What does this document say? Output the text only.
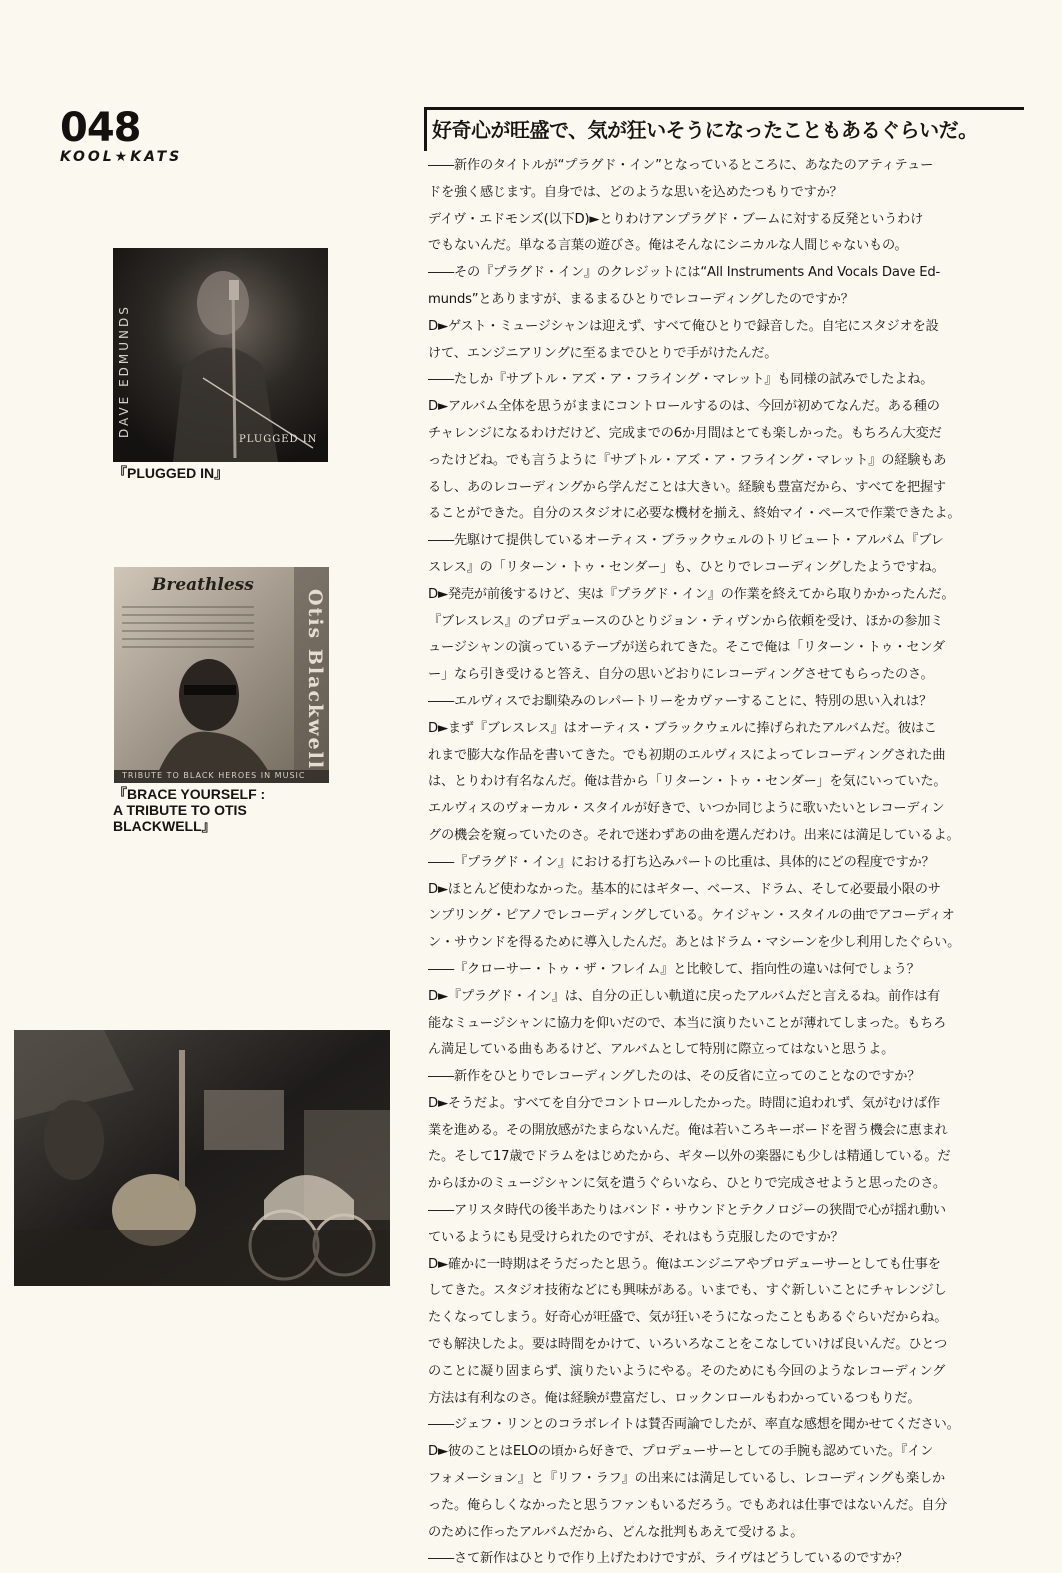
048
KOOL★KATS
DAVE EDMUNDS
PLUGGED IN
『PLUGGED IN』
Breathless
Otis Blackwell
TRIBUTE TO BLACK HEROES IN MUSIC
『BRACE YOURSELF :
A TRIBUTE TO OTIS
BLACKWELL』
好奇心が旺盛で、気が狂いそうになったこともあるぐらいだ。
――新作のタイトルが“プラグド・イン”となっているところに、あなたのアティテュー
ドを強く感じます。自身では、どのような思いを込めたつもりですか？
デイヴ・エドモンズ(以下D)►とりわけアンプラグド・ブームに対する反発というわけ
でもないんだ。単なる言葉の遊びさ。俺はそんなにシニカルな人間じゃないもの。
――その『プラグド・イン』のクレジットには“All Instruments And Vocals Dave Ed-
munds”とありますが、まるまるひとりでレコーディングしたのですか？
D►ゲスト・ミュージシャンは迎えず、すべて俺ひとりで録音した。自宅にスタジオを設
けて、エンジニアリングに至るまでひとりで手がけたんだ。
――たしか『サブトル・アズ・ア・フライング・マレット』も同様の試みでしたよね。
D►アルバム全体を思うがままにコントロールするのは、今回が初めてなんだ。ある種の
チャレンジになるわけだけど、完成までの6か月間はとても楽しかった。もちろん大変だ
ったけどね。でも言うように『サブトル・アズ・ア・フライング・マレット』の経験もあ
るし、あのレコーディングから学んだことは大きい。経験も豊富だから、すべてを把握す
ることができた。自分のスタジオに必要な機材を揃え、終始マイ・ペースで作業できたよ。
――先駆けて提供しているオーティス・ブラックウェルのトリビュート・アルバム『ブレ
スレス』の「リターン・トゥ・センダー」も、ひとりでレコーディングしたようですね。
D►発売が前後するけど、実は『プラグド・イン』の作業を終えてから取りかかったんだ。
『ブレスレス』のプロデュースのひとりジョン・ティヴンから依頼を受け、ほかの参加ミ
ュージシャンの演っているテープが送られてきた。そこで俺は「リターン・トゥ・センダ
ー」なら引き受けると答え、自分の思いどおりにレコーディングさせてもらったのさ。
――エルヴィスでお馴染みのレパートリーをカヴァーすることに、特別の思い入れは？
D►まず『ブレスレス』はオーティス・ブラックウェルに捧げられたアルバムだ。彼はこ
れまで膨大な作品を書いてきた。でも初期のエルヴィスによってレコーディングされた曲
は、とりわけ有名なんだ。俺は昔から「リターン・トゥ・センダー」を気にいっていた。
エルヴィスのヴォーカル・スタイルが好きで、いつか同じように歌いたいとレコーディン
グの機会を窺っていたのさ。それで迷わずあの曲を選んだわけ。出来には満足しているよ。
――『プラグド・イン』における打ち込みパートの比重は、具体的にどの程度ですか？
D►ほとんど使わなかった。基本的にはギター、ベース、ドラム、そして必要最小限のサ
ンプリング・ピアノでレコーディングしている。ケイジャン・スタイルの曲でアコーディオ
ン・サウンドを得るために導入したんだ。あとはドラム・マシーンを少し利用したぐらい。
――『クローサー・トゥ・ザ・フレイム』と比較して、指向性の違いは何でしょう？
D►『プラグド・イン』は、自分の正しい軌道に戻ったアルバムだと言えるね。前作は有
能なミュージシャンに協力を仰いだので、本当に演りたいことが薄れてしまった。もちろ
ん満足している曲もあるけど、アルバムとして特別に際立ってはないと思うよ。
――新作をひとりでレコーディングしたのは、その反省に立ってのことなのですか？
D►そうだよ。すべてを自分でコントロールしたかった。時間に追われず、気がむけば作
業を進める。その開放感がたまらないんだ。俺は若いころキーボードを習う機会に恵まれ
た。そして17歳でドラムをはじめたから、ギター以外の楽器にも少しは精通している。だ
からほかのミュージシャンに気を遣うぐらいなら、ひとりで完成させようと思ったのさ。
――アリスタ時代の後半あたりはバンド・サウンドとテクノロジーの狭間で心が揺れ動い
ているようにも見受けられたのですが、それはもう克服したのですか？
D►確かに一時期はそうだったと思う。俺はエンジニアやプロデューサーとしても仕事を
してきた。スタジオ技術などにも興味がある。いまでも、すぐ新しいことにチャレンジし
たくなってしまう。好奇心が旺盛で、気が狂いそうになったこともあるぐらいだからね。
でも解決したよ。要は時間をかけて、いろいろなことをこなしていけば良いんだ。ひとつ
のことに凝り固まらず、演りたいようにやる。そのためにも今回のようなレコーディング
方法は有利なのさ。俺は経験が豊富だし、ロックンロールもわかっているつもりだ。
――ジェフ・リンとのコラボレイトは賛否両論でしたが、率直な感想を聞かせてください。
D►彼のことはELOの頃から好きで、プロデューサーとしての手腕も認めていた。『イン
フォメーション』と『リフ・ラフ』の出来には満足しているし、レコーディングも楽しか
った。俺らしくなかったと思うファンもいるだろう。でもあれは仕事ではないんだ。自分
のために作ったアルバムだから、どんな批判もあえて受けるよ。
――さて新作はひとりで作り上げたわけですが、ライヴはどうしているのですか？
